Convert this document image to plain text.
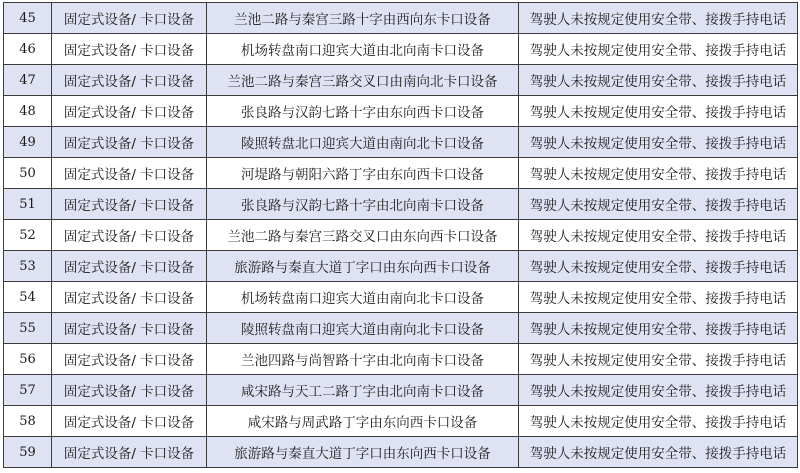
45	固定式设备/ 卡口设备	兰池二路与秦宫三路十字由西向东卡口设备	驾驶人未按规定使用安全带、接拨手持电话
46	固定式设备/ 卡口设备	机场转盘南口迎宾大道由北向南卡口设备	驾驶人未按规定使用安全带、接拨手持电话
47	固定式设备/ 卡口设备	兰池二路与秦宫三路交叉口由南向北卡口设备	驾驶人未按规定使用安全带、接拨手持电话
48	固定式设备/ 卡口设备	张良路与汉韵七路十字由东向西卡口设备	驾驶人未按规定使用安全带、接拨手持电话
49	固定式设备/ 卡口设备	陵照转盘北口迎宾大道由南向北卡口设备	驾驶人未按规定使用安全带、接拨手持电话
50	固定式设备/ 卡口设备	河堤路与朝阳六路丁字由东向西卡口设备	驾驶人未按规定使用安全带、接拨手持电话
51	固定式设备/ 卡口设备	张良路与汉韵七路十字由北向南卡口设备	驾驶人未按规定使用安全带、接拨手持电话
52	固定式设备/ 卡口设备	兰池二路与秦宫三路交叉口由东向西卡口设备	驾驶人未按规定使用安全带、接拨手持电话
53	固定式设备/ 卡口设备	旅游路与秦直大道丁字口由东向西卡口设备	驾驶人未按规定使用安全带、接拨手持电话
54	固定式设备/ 卡口设备	机场转盘南口迎宾大道由南向北卡口设备	驾驶人未按规定使用安全带、接拨手持电话
55	固定式设备/ 卡口设备	陵照转盘南口迎宾大道由南向北卡口设备	驾驶人未按规定使用安全带、接拨手持电话
56	固定式设备/ 卡口设备	兰池四路与尚智路十字由北向南卡口设备	驾驶人未按规定使用安全带、接拨手持电话
57	固定式设备/ 卡口设备	咸宋路与天工二路丁字由北向南卡口设备	驾驶人未按规定使用安全带、接拨手持电话
58	固定式设备/ 卡口设备	咸宋路与周武路丁字由东向西卡口设备	驾驶人未按规定使用安全带、接拨手持电话
59	固定式设备/ 卡口设备	旅游路与秦直大道丁字口由东向西卡口设备	驾驶人未按规定使用安全带、接拨手持电话
